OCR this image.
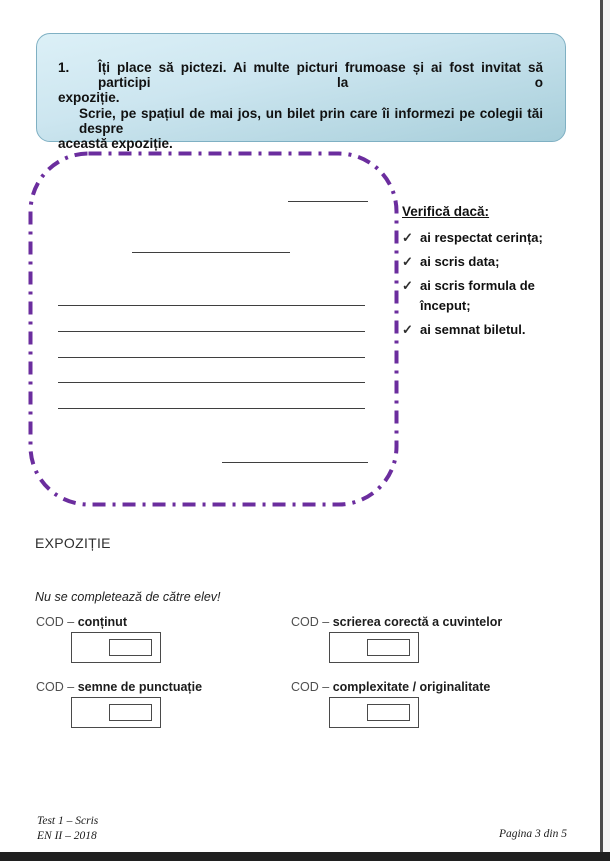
1.	Îți place să pictezi. Ai multe picturi frumoase și ai fost invitat să participi la o
expoziție.
Scrie, pe spațiul de mai jos, un bilet prin care îi informezi pe colegii tăi despre
această expoziție.
Verifică dacă:
✓ ai respectat cerința;
✓ ai scris data;
✓ ai scris formula de început;
✓ ai semnat biletul.
EXPOZIȚIE
Nu se completează de către elev!
COD – conținut	COD – scrierea corectă a cuvintelor
COD – semne de punctuație	COD – complexitate / originalitate
Test 1 – Scris
EN II – 2018	Pagina 3 din 5
